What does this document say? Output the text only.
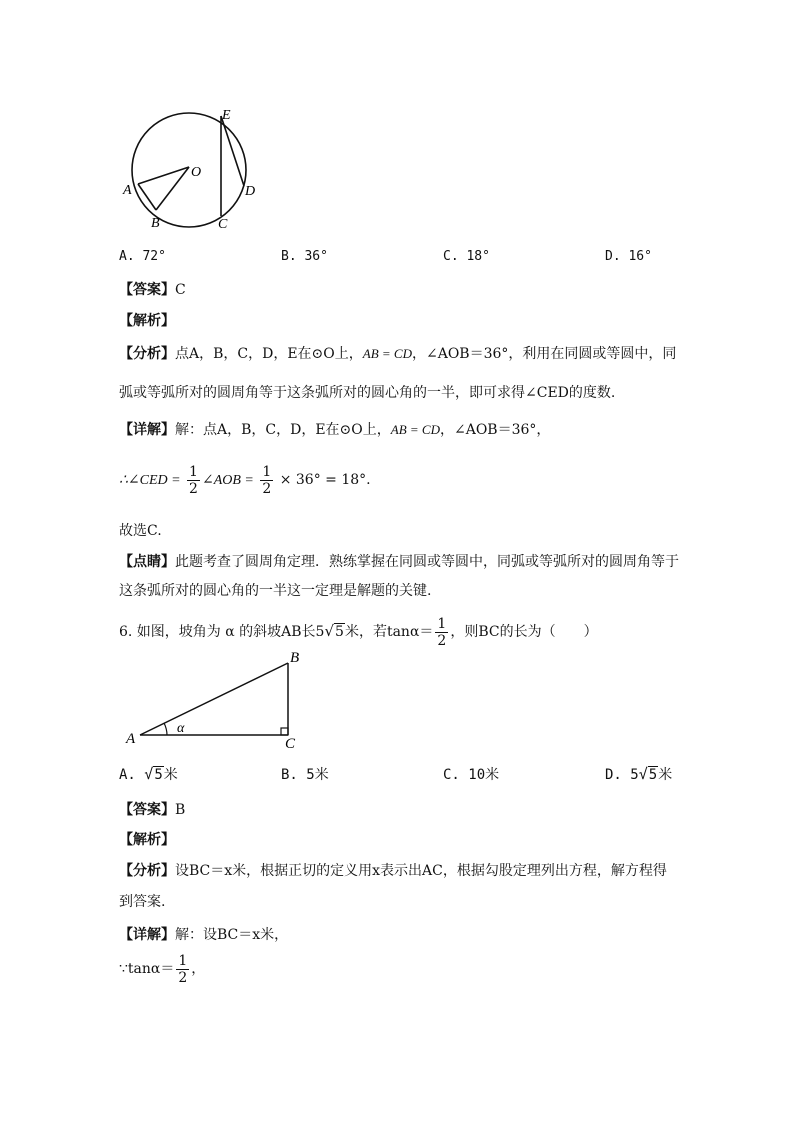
E
O
A
B	C
D
A. 72°	B. 36°	C. 18°	D. 16°
【答案】C
【解析】
【分析】点A，B，C，D，E在⊙O上，AB = CD，∠AOB＝36°，利用在同圆或等圆中，同
弧或等弧所对的圆周角等于这条弧所对的圆心角的一半，即可求得∠CED的度数.
【详解】解：点A，B，C，D，E在⊙O上，AB = CD，∠AOB＝36°，
∴∠CED = $\frac{1}{2}$ ∠AOB = $\frac{1}{2} \times 36^\circ = 18^\circ$.
故选C.
【点睛】此题考查了圆周角定理．熟练掌握在同圆或等圆中，同弧或等弧所对的圆周角等于
这条弧所对的圆心角的一半这一定理是解题的关键.
6. 如图，坡角为 α 的斜坡AB长5√5米，若$\tan\alpha= \frac{1}{2}$ ，则BC的长为（　　）
B
A	C
α
A. √5米	B. 5米	C. 10米	D. 5√5米
【答案】B
【解析】
【分析】设BC＝x米，根据正切的定义用x表示出AC，根据勾股定理列出方程，解方程得
到答案.
【详解】解：设BC＝x米，
∵tanα＝ $\frac{1}{2}$ ，
